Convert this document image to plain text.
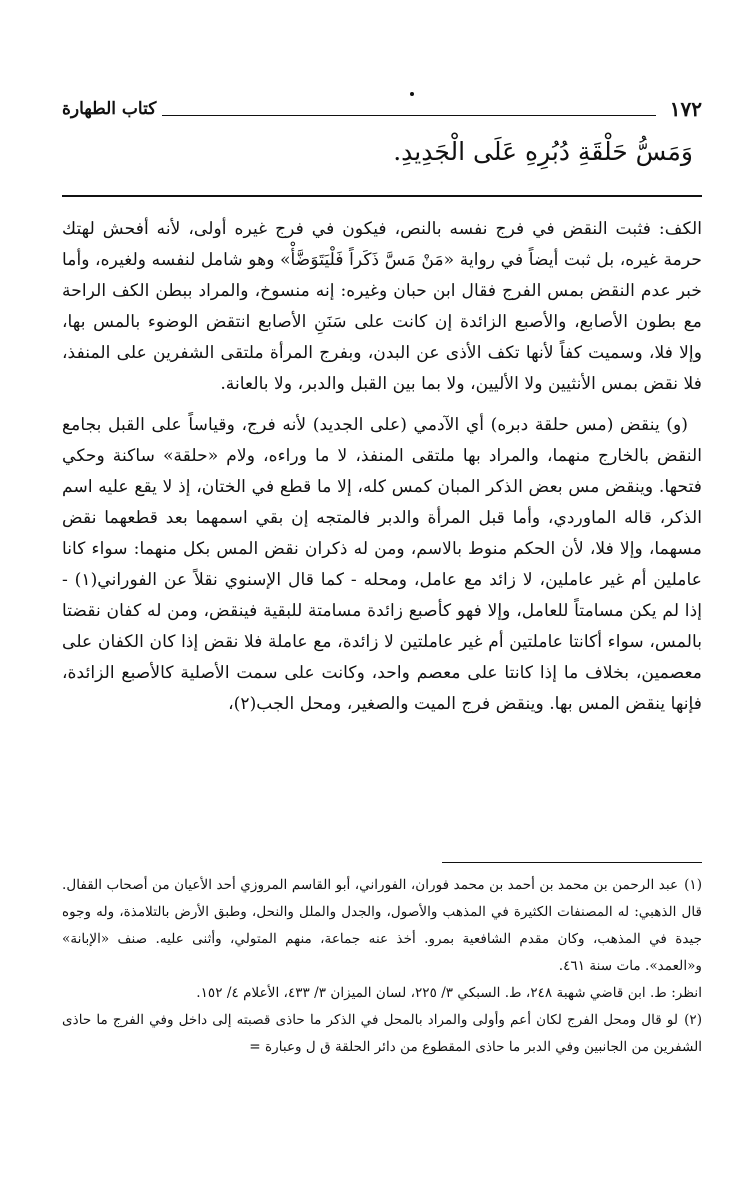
١٧٢
كتاب الطهارة
وَمَسُّ حَلْقَةِ دُبُرِهِ عَلَى الْجَدِيدِ.

الكف: فثبت النقض في فرج نفسه بالنص، فيكون في فرج غيره أولى، لأنه أفحش لهتك حرمة غيره، بل ثبت أيضاً في رواية «مَنْ مَسَّ ذَكَراً فَلْيَتَوَضَّأْ» وهو شامل لنفسه ولغيره، وأما خبر عدم النقض بمس الفرج فقال ابن حبان وغيره: إنه منسوخ، والمراد ببطن الكف الراحة مع بطون الأصابع، والأصبع الزائدة إن كانت على سَنَنِ الأصابع انتقض الوضوء بالمس بها، وإلا فلا، وسميت كفاً لأنها تكف الأذى عن البدن، وبفرج المرأة ملتقى الشفرين على المنفذ، فلا نقض بمس الأنثيين ولا الأليين، ولا بما بين القبل والدبر، ولا بالعانة.

(و) ينقض (مس حلقة دبره) أي الآدمي (على الجديد) لأنه فرج، وقياساً على القبل بجامع النقض بالخارج منهما، والمراد بها ملتقى المنفذ، لا ما وراءه، ولام «حلقة» ساكنة وحكي فتحها. وينقض مس بعض الذكر المبان كمس كله، إلا ما قطع في الختان، إذ لا يقع عليه اسم الذكر، قاله الماوردي، وأما قبل المرأة والدبر فالمتجه إن بقي اسمهما بعد قطعهما نقض مسهما، وإلا فلا، لأن الحكم منوط بالاسم، ومن له ذكران نقض المس بكل منهما: سواء كانا عاملين أم غير عاملين، لا زائد مع عامل، ومحله - كما قال الإسنوي نقلاً عن الفوراني(١) - إذا لم يكن مسامتاً للعامل، وإلا فهو كأصبع زائدة مسامتة للبقية فينقض، ومن له كفان نقضتا بالمس، سواء أكانتا عاملتين أم غير عاملتين لا زائدة، مع عاملة فلا نقض إذا كان الكفان على معصمين، بخلاف ما إذا كانتا على معصم واحد، وكانت على سمت الأصلية كالأصبع الزائدة، فإنها ينقض المس بها. وينقض فرج الميت والصغير، ومحل الجب(٢)،

(١)عبد الرحمن بن محمد بن أحمد بن محمد فوران، الفوراني، أبو القاسم المروزي أحد الأعيان من أصحاب القفال. قال الذهبي: له المصنفات الكثيرة في المذهب والأصول، والجدل والملل والنحل، وطبق الأرض بالتلامذة، وله وجوه جيدة في المذهب، وكان مقدم الشافعية بمرو. أخذ عنه جماعة، منهم المتولي، وأثنى عليه. صنف «الإبانة» و«العمد». مات سنة ٤٦١.

انظر: ط. ابن قاضي شهبة ٢٤٨، ط. السبكي ٣/ ٢٢٥، لسان الميزان ٣/ ٤٣٣، الأعلام ٤/ ١٥٢.

(٢)لو قال ومحل الفرج لكان أعم وأولى والمراد بالمحل في الذكر ما حاذى قصبته إلى داخل وفي الفرج ما حاذى الشفرين من الجانبين وفي الدبر ما حاذى المقطوع من دائر الحلقة ق ل وعبارة =
